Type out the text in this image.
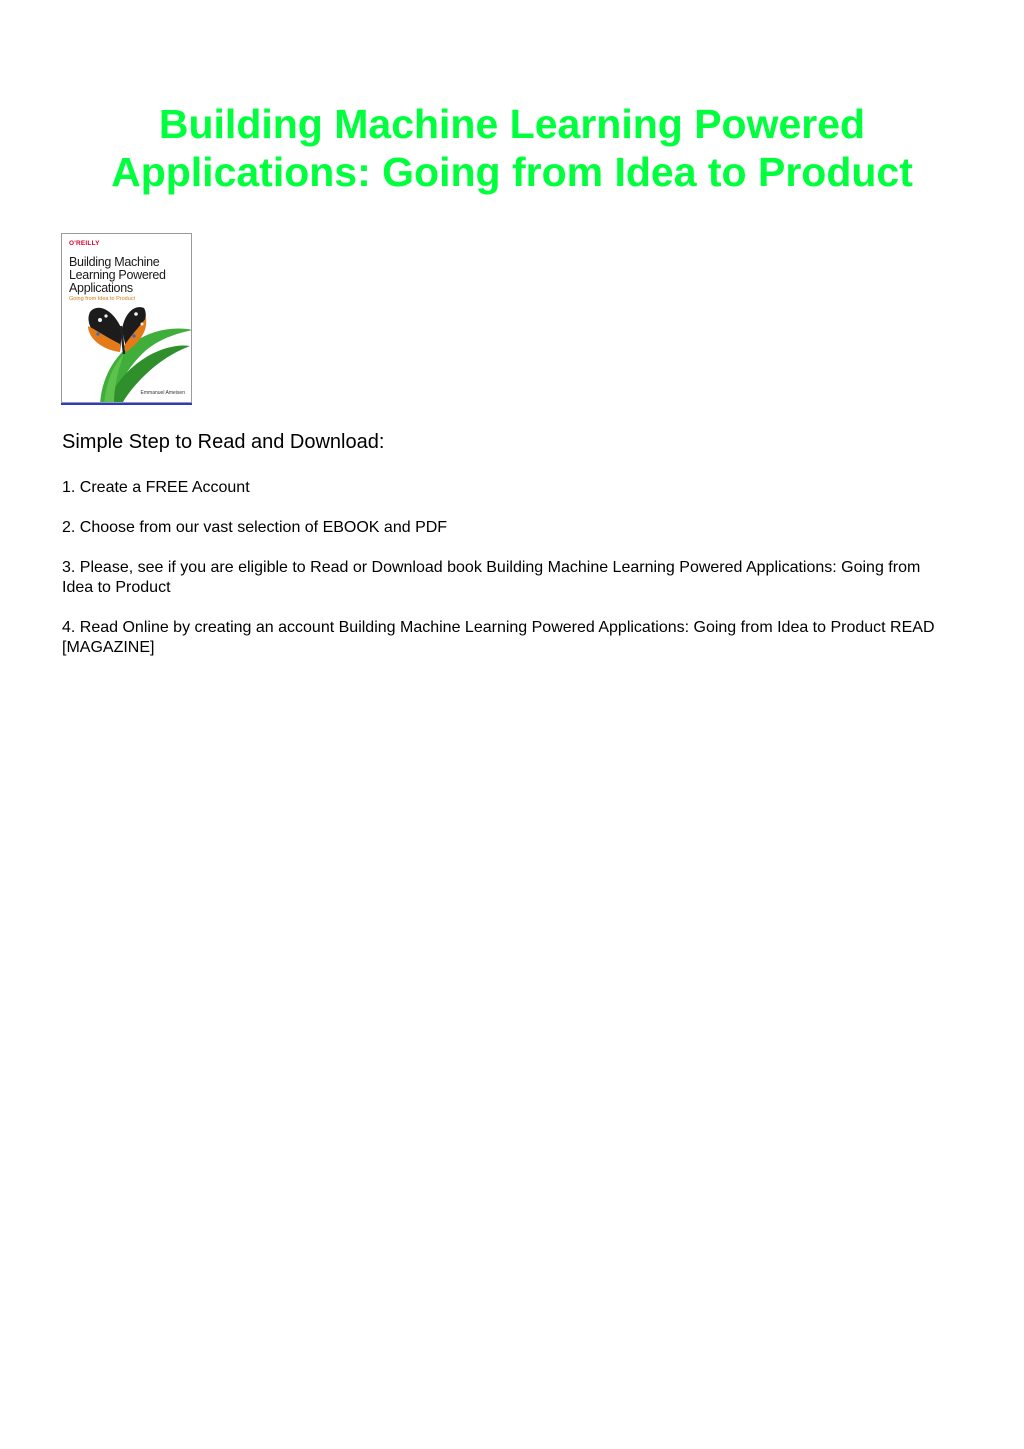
Building Machine Learning Powered
Applications: Going from Idea to Product
O'REILLY
Building Machine
Learning Powered
Applications
Going from Idea to Product
Emmanuel Ameisen
Simple Step to Read and Download:
1. Create a FREE Account
2. Choose from our vast selection of EBOOK and PDF
3. Please, see if you are eligible to Read or Download book Building Machine Learning Powered Applications: Going from Idea to Product
4. Read Online by creating an account Building Machine Learning Powered Applications: Going from Idea to Product READ [MAGAZINE]
